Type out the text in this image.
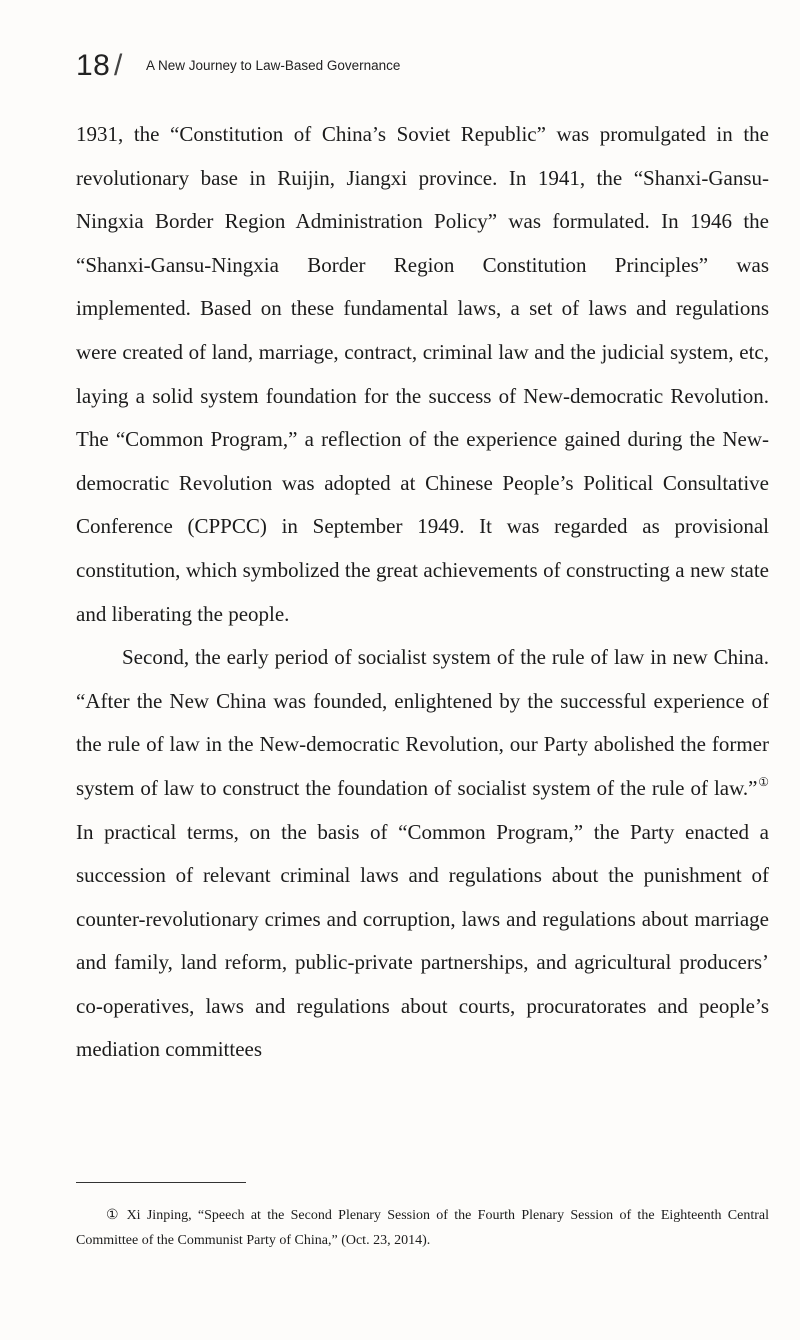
18 / A New Journey to Law-Based Governance

1931, the “Constitution of China’s Soviet Republic” was promulgated in the revolutionary base in Ruijin, Jiangxi province. In 1941, the “Shanxi-Gansu-Ningxia Border Region Administration Policy” was formulated. In 1946 the “Shanxi-Gansu-Ningxia Border Region Constitution Principles” was implemented. Based on these fundamental laws, a set of laws and regulations were created of land, marriage, contract, criminal law and the judicial system, etc, laying a solid system foundation for the success of New-democratic Revolution. The “Common Program,” a reflection of the experience gained during the New-democratic Revolution was adopted at Chinese People’s Political Consultative Conference (CPPCC) in September 1949. It was regarded as provisional constitution, which symbolized the great achievements of constructing a new state and liberating the people.

Second, the early period of socialist system of the rule of law in new China. “After the New China was founded, enlightened by the successful experience of the rule of law in the New-democratic Revolution, our Party abolished the former system of law to construct the foundation of socialist system of the rule of law.”① In practical terms, on the basis of “Common Program,” the Party enacted a succession of relevant criminal laws and regulations about the punishment of counter-revolutionary crimes and corruption, laws and regulations about marriage and family, land reform, public-private partnerships, and agricultural producers’ co-operatives, laws and regulations about courts, procuratorates and people’s mediation committees

① Xi Jinping, “Speech at the Second Plenary Session of the Fourth Plenary Session of the Eighteenth Central Committee of the Communist Party of China,” (Oct. 23, 2014).
